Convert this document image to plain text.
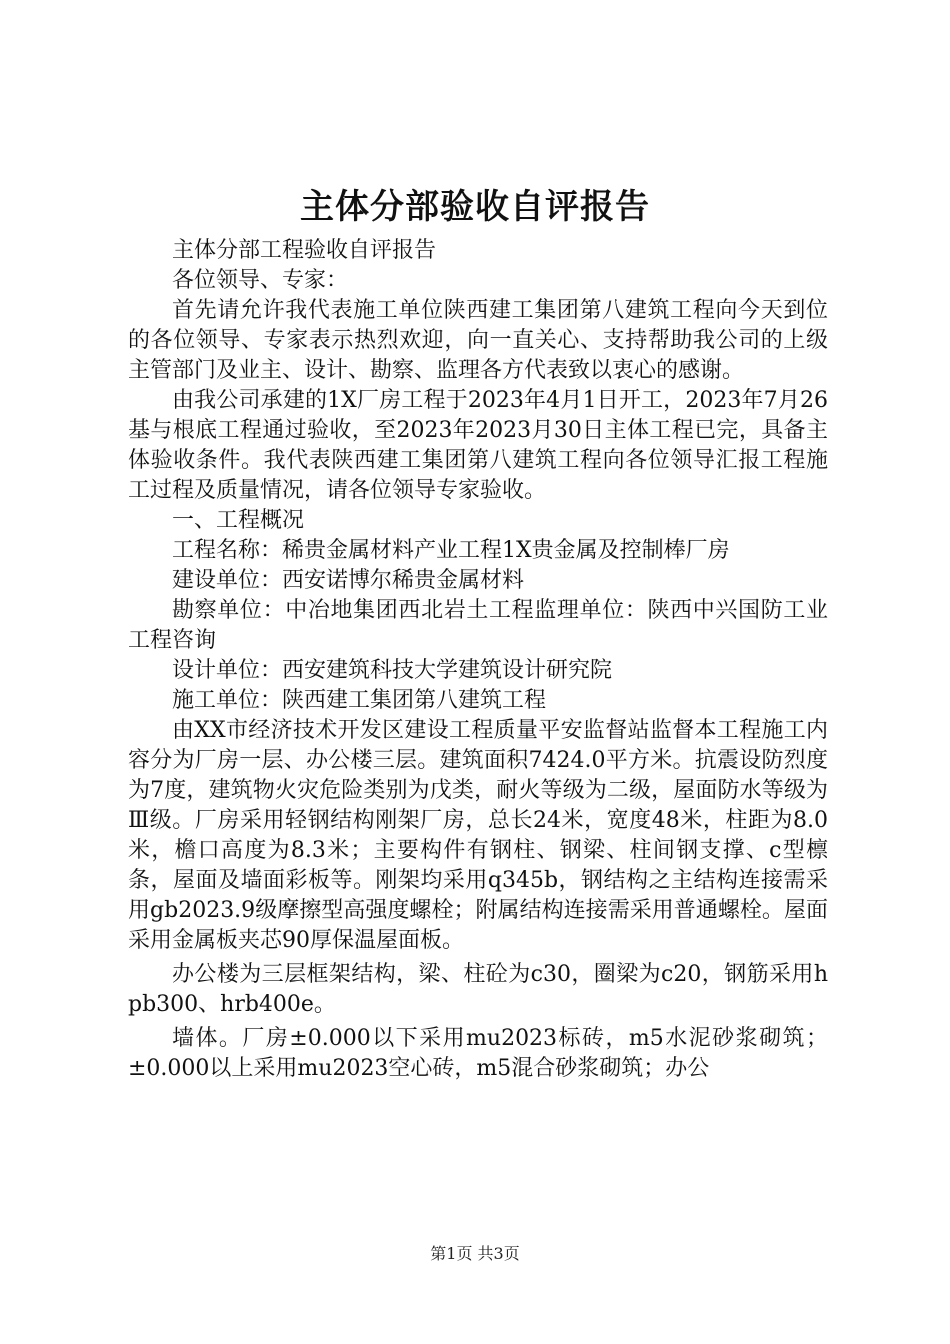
主体分部验收自评报告

主体分部工程验收自评报告

各位领导、专家：

首先请允许我代表施工单位陕西建工集团第八建筑工程向今天到位的各位领导、专家表示热烈欢迎，向一直关心、支持帮助我公司的上级主管部门及业主、设计、勘察、监理各方代表致以衷心的感谢。

由我公司承建的1X厂房工程于2023年4月1日开工，2023年7月26基与根底工程通过验收，至2023年2023月30日主体工程已完，具备主体验收条件。我代表陕西建工集团第八建筑工程向各位领导汇报工程施工过程及质量情况，请各位领导专家验收。

一、工程概况

工程名称：稀贵金属材料产业工程1X贵金属及控制棒厂房

建设单位：西安诺博尔稀贵金属材料

勘察单位：中冶地集团西北岩土工程监理单位：陕西中兴国防工业工程咨询

设计单位：西安建筑科技大学建筑设计研究院

施工单位：陕西建工集团第八建筑工程

由XX市经济技术开发区建设工程质量平安监督站监督本工程施工内容分为厂房一层、办公楼三层。建筑面积7424.0平方米。抗震设防烈度为7度，建筑物火灾危险类别为戊类，耐火等级为二级，屋面防水等级为Ⅲ级。厂房采用轻钢结构刚架厂房，总长24米，宽度48米，柱距为8.0米，檐口高度为8.3米；主要构件有钢柱、钢梁、柱间钢支撑、c型檩条，屋面及墙面彩板等。刚架均采用q345b，钢结构之主结构连接需采用gb2023.9级摩擦型高强度螺栓；附属结构连接需采用普通螺栓。屋面采用金属板夹芯90厚保温屋面板。

办公楼为三层框架结构，梁、柱砼为c30，圈梁为c20，钢筋采用hpb300、hrb400e。

墙体。厂房±0.000以下采用mu2023标砖，m5水泥砂浆砌筑；±0.000以上采用mu2023空心砖，m5混合砂浆砌筑；办公

第1页 共3页
